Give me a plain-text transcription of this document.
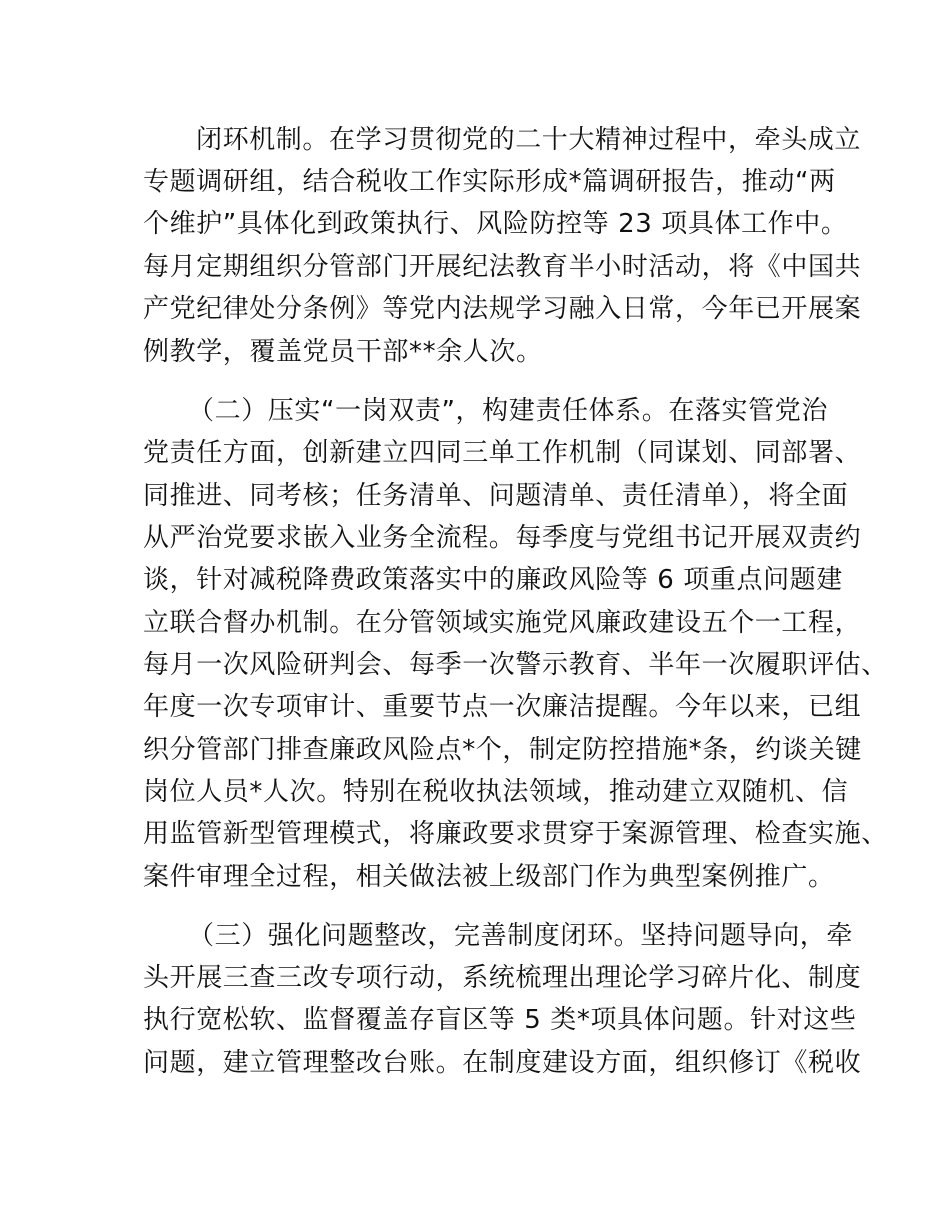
闭环机制。在学习贯彻党的二十大精神过程中，牵头成立
专题调研组，结合税收工作实际形成*篇调研报告，推动“两
个维护”具体化到政策执行、风险防控等 23 项具体工作中。
每月定期组织分管部门开展纪法教育半小时活动，将《中国共
产党纪律处分条例》等党内法规学习融入日常，今年已开展案
例教学，覆盖党员干部**余人次。
（二）压实“一岗双责”，构建责任体系。在落实管党治
党责任方面，创新建立四同三单工作机制（同谋划、同部署、
同推进、同考核；任务清单、问题清单、责任清单），将全面
从严治党要求嵌入业务全流程。每季度与党组书记开展双责约
谈，针对减税降费政策落实中的廉政风险等 6 项重点问题建
立联合督办机制。在分管领域实施党风廉政建设五个一工程，
每月一次风险研判会、每季一次警示教育、半年一次履职评估、
年度一次专项审计、重要节点一次廉洁提醒。今年以来，已组
织分管部门排查廉政风险点*个，制定防控措施*条，约谈关键
岗位人员*人次。特别在税收执法领域，推动建立双随机、信
用监管新型管理模式，将廉政要求贯穿于案源管理、检查实施、
案件审理全过程，相关做法被上级部门作为典型案例推广。
（三）强化问题整改，完善制度闭环。坚持问题导向，牵
头开展三查三改专项行动，系统梳理出理论学习碎片化、制度
执行宽松软、监督覆盖存盲区等 5 类*项具体问题。针对这些
问题，建立管理整改台账。在制度建设方面，组织修订《税收
